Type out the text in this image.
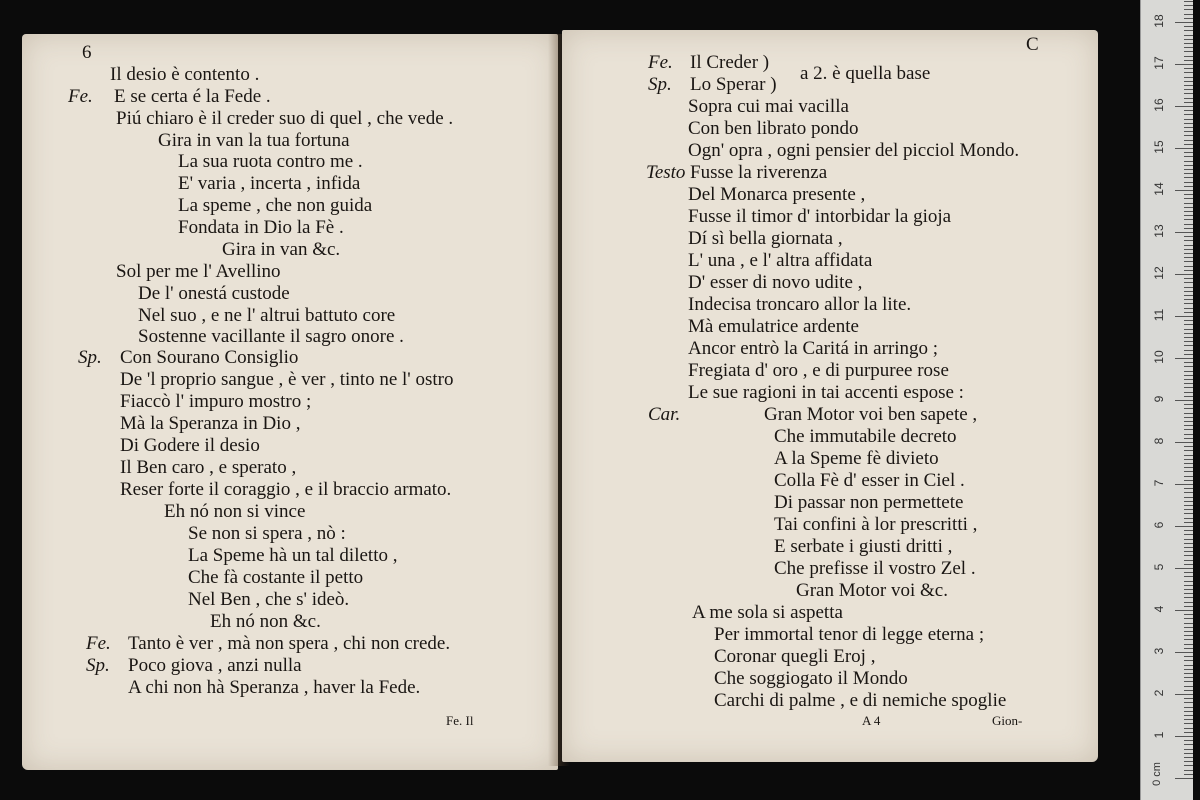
6
Il desio è contento .
Fe. E se certa é la Fede .
Piú chiaro è il creder suo di quel , che vede .
Gira in van la tua fortuna
La sua ruota contro me .
E' varia , incerta , infida
La speme , che non guida
Fondata in Dio la Fè .
Gira in van &c.
Sol per me l' Avellino
De l' onestá custode
Nel suo , e ne l' altrui battuto core
Sostenne vacillante il sagro onore .
Sp. Con Sourano Consiglio
De 'l proprio sangue , è ver , tinto ne l' ostro
Fiaccò l' impuro mostro ;
Mà la Speranza in Dio ,
Di Godere il desio
Il Ben caro , e sperato ,
Reser forte il coraggio , e il braccio armato.
Eh nó non si vince
Se non si spera , nò :
La Speme hà un tal diletto ,
Che fà costante il petto
Nel Ben , che s' ideò.
Eh nó non &c.
Fe. Tanto è ver , mà non spera , chi non crede.
Sp. Poco giova , anzi nulla
A chi non hà Speranza , haver la Fede.
Fe. Il
C
Fe. Il Creder )
a 2. è quella base
Sp. Lo Sperar )
Sopra cui mai vacilla
Con ben librato pondo
Ogn' opra , ogni pensier del picciol Mondo.
Testo Fusse la riverenza
Del Monarca presente ,
Fusse il timor d' intorbidar la gioja
Dí sì bella giornata ,
L' una , e l' altra affidata
D' esser di novo udite ,
Indecisa troncaro allor la lite.
Mà emulatrice ardente
Ancor entrò la Caritá in arringo ;
Fregiata d' oro , e di purpuree rose
Le sue ragioni in tai accenti espose :
Car.	Gran Motor voi ben sapete ,
Che immutabile decreto
A la Speme fè divieto
Colla Fè d' esser in Ciel .
Di passar non permettete
Tai confini à lor prescritti ,
E serbate i giusti dritti ,
Che prefisse il vostro Zel .
Gran Motor voi &c.
A me sola si aspetta
Per immortal tenor di legge eterna ;
Coronar quegli Eroj ,
Che soggiogato il Mondo
Carchi di palme , e di nemiche spoglie
A 4	Gion-
1
2
3
4
5
6
7
8
9
10
11
12
13
14
15
16
17
18
0 cm
